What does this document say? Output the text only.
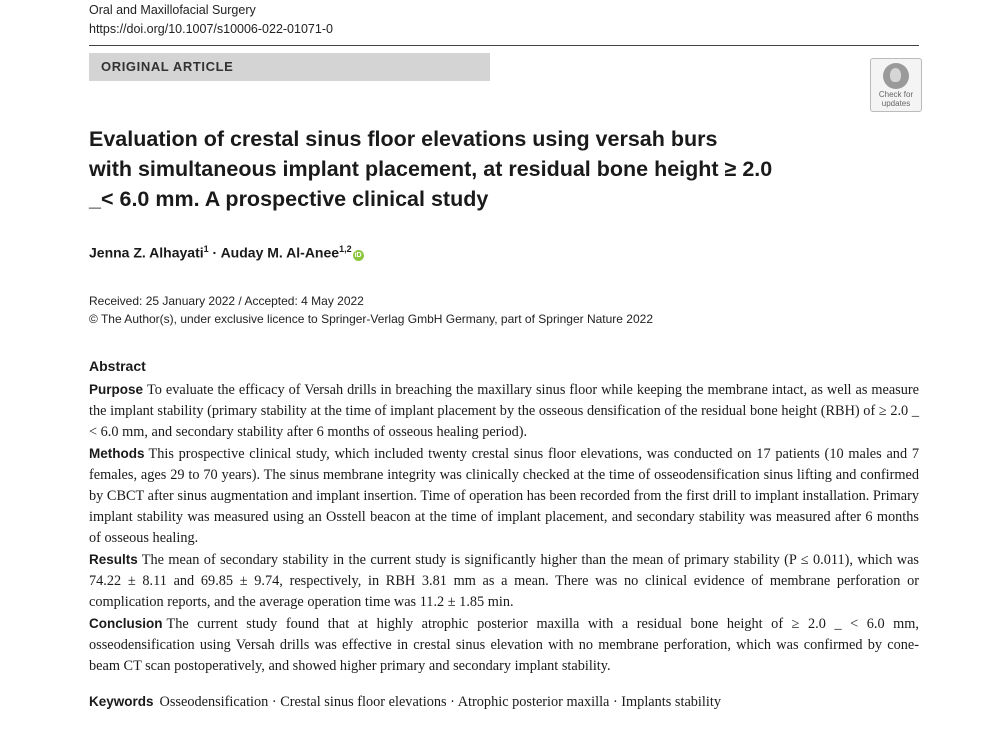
Oral and Maxillofacial Surgery
https://doi.org/10.1007/s10006-022-01071-0
ORIGINAL ARTICLE
Check for
updates
Evaluation of crestal sinus floor elevations using versah burs
with simultaneous implant placement, at residual bone height ≥ 2.0
_< 6.0 mm. A prospective clinical study
Jenna Z. Alhayati$^1$ · Auday M. Al-Anee$^{1,2}$iD
Received: 25 January 2022 / Accepted: 4 May 2022
© The Author(s), under exclusive licence to Springer-Verlag GmbH Germany, part of Springer Nature 2022
Abstract

Purpose To evaluate the efficacy of Versah drills in breaching the maxillary sinus floor while keeping the membrane intact, as well as measure the implant stability (primary stability at the time of implant placement by the osseous densification of the residual bone height (RBH) of ≥ 2.0 _ < 6.0 mm, and secondary stability after 6 months of osseous healing period).

Methods This prospective clinical study, which included twenty crestal sinus floor elevations, was conducted on 17 patients (10 males and 7 females, ages 29 to 70 years). The sinus membrane integrity was clinically checked at the time of osseodensification sinus lifting and confirmed by CBCT after sinus augmentation and implant insertion. Time of operation has been recorded from the first drill to implant installation. Primary implant stability was measured using an Osstell beacon at the time of implant placement, and secondary stability was measured after 6 months of osseous healing.

Results The mean of secondary stability in the current study is significantly higher than the mean of primary stability (P ≤ 0.011), which was 74.22 ± 8.11 and 69.85 ± 9.74, respectively, in RBH 3.81 mm as a mean. There was no clinical evidence of membrane perforation or complication reports, and the average operation time was 11.2 ± 1.85 min.

Conclusion The current study found that at highly atrophic posterior maxilla with a residual bone height of ≥ 2.0 _ < 6.0 mm, osseodensification using Versah drills was effective in crestal sinus elevation with no membrane perforation, which was confirmed by cone-beam CT scan postoperatively, and showed higher primary and secondary implant stability.

Keywords Osseodensification · Crestal sinus floor elevations · Atrophic posterior maxilla · Implants stability
